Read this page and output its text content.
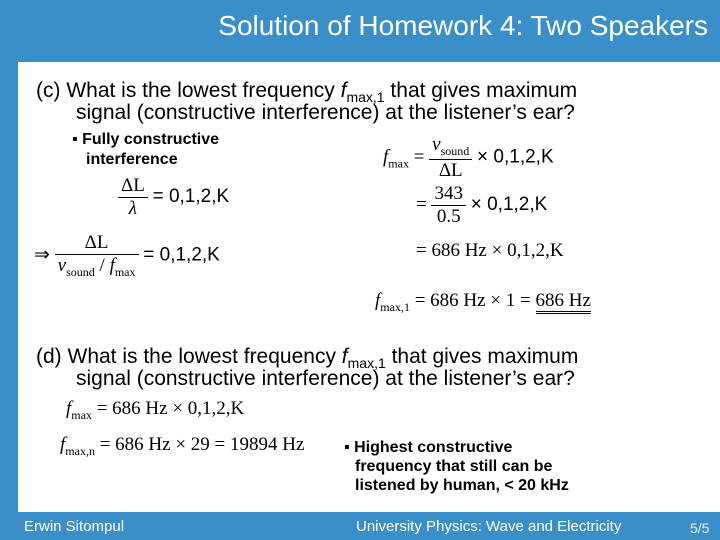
Solution of Homework 4: Two Speakers
(c) What is the lowest frequency $f_{max,1}$ that gives maximum
signal (constructive interference) at the listener’s ear?
▪ Fully constructive
interference
$\frac{\Delta L}{\lambda} = 0,1,2,K$
⇒ $\frac{\Delta L}{v_{sound} / f_{max}} = 0,1,2,K$
$f_{max} = \frac{v_{sound}}{\Delta L} \times 0,1,2,K$
= $\frac{343}{0.5} \times 0,1,2,K$
= 686 Hz × 0,1,2,K
$f_{max,1} = 686$ Hz × 1 = 686 Hz
(d) What is the lowest frequency $f_{max,1}$ that gives maximum
signal (constructive interference) at the listener’s ear?
$f_{max} = 686$ Hz × 0,1,2,K
$f_{max,n} = 686$ Hz × 29 = 19894 Hz ▪ Highest constructive
frequency that still can be
listened by human, < 20 kHz
Erwin Sitompul	University Physics: Wave and Electricity	5/5
